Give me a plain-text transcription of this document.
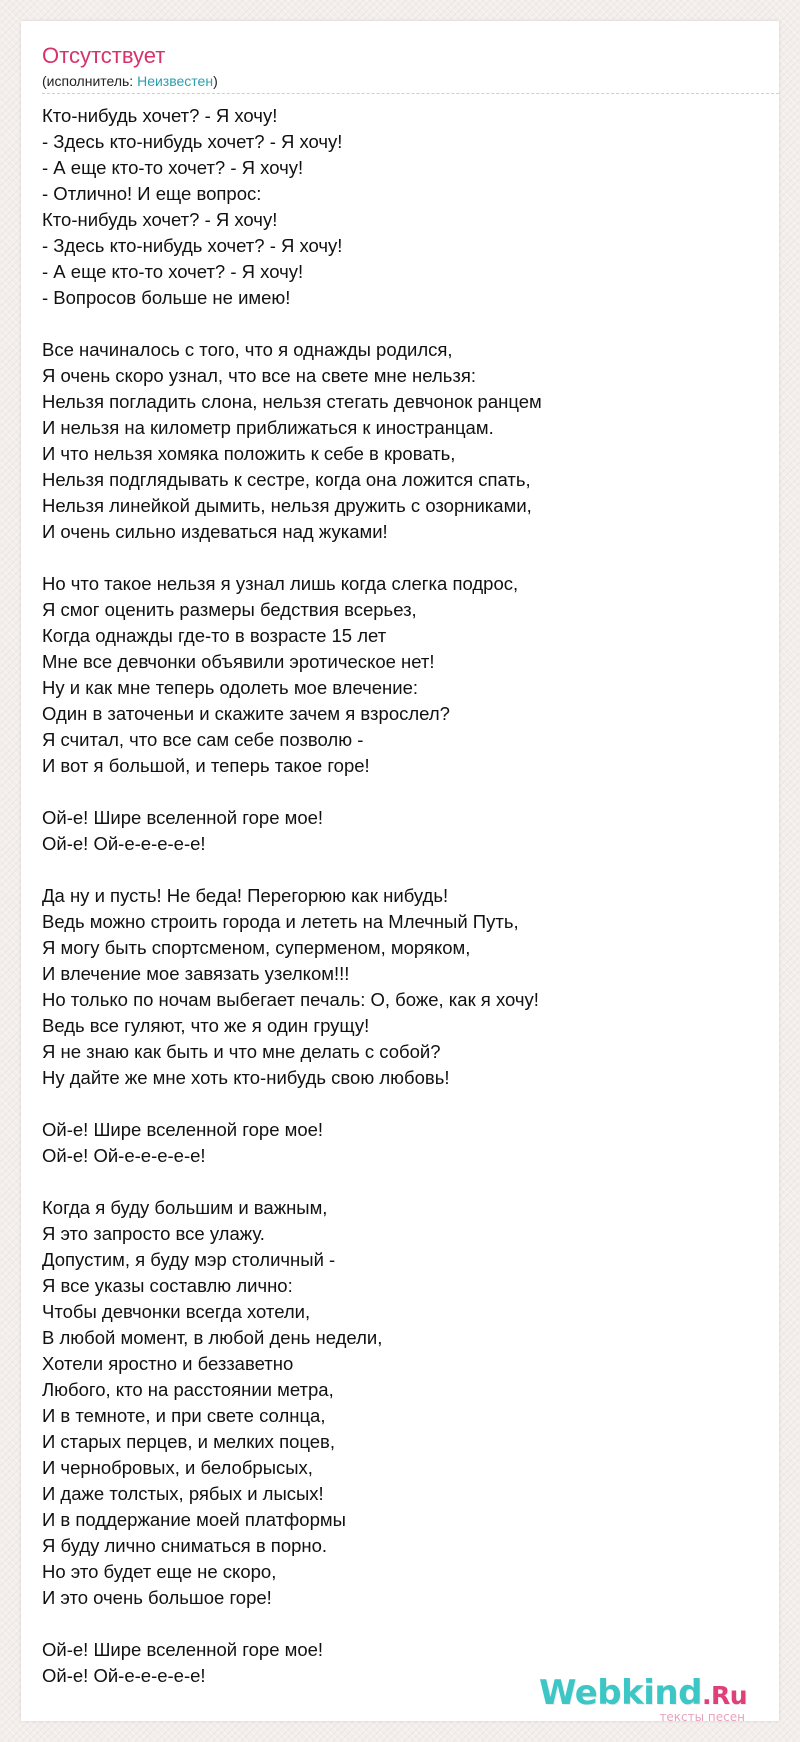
Отсутствует
(исполнитель: Неизвестен)
Кто-нибудь хочет? - Я хочу!
- Здесь кто-нибудь хочет? - Я хочу!
- А еще кто-то хочет? - Я хочу!
- Отлично! И еще вопрос:
Кто-нибудь хочет? - Я хочу!
- Здесь кто-нибудь хочет? - Я хочу!
- А еще кто-то хочет? - Я хочу!
- Вопросов больше не имею!

Все начиналось с того, что я однажды родился,
Я очень скоро узнал, что все на свете мне нельзя:
Нельзя погладить слона, нельзя стегать девчонок ранцем
И нельзя на километр приближаться к иностранцам.
И что нельзя хомяка положить к себе в кровать,
Нельзя подглядывать к сестре, когда она ложится спать,
Нельзя линейкой дымить, нельзя дружить с озорниками,
И очень сильно издеваться над жуками!

Но что такое нельзя я узнал лишь когда слегка подрос,
Я смог оценить размеры бедствия всерьез,
Когда однажды где-то в возрасте 15 лет
Мне все девчонки объявили эротическое нет!
Ну и как мне теперь одолеть мое влечение:
Один в заточеньи и скажите зачем я взрослел?
Я считал, что все сам себе позволю -
И вот я большой, и теперь такое горе!

Ой-е! Шире вселенной горе мое!
Ой-е! Ой-е-е-е-е-е!

Да ну и пусть! Не беда! Перегорюю как нибудь!
Ведь можно строить города и лететь на Млечный Путь,
Я могу быть спортсменом, суперменом, моряком,
И влечение мое завязать узелком!!!
Но только по ночам выбегает печаль: О, боже, как я хочу!
Ведь все гуляют, что же я один грущу!
Я не знаю как быть и что мне делать с собой?
Ну дайте же мне хоть кто-нибудь свою любовь!

Ой-е! Шире вселенной горе мое!
Ой-е! Ой-е-е-е-е-е!

Когда я буду большим и важным,
Я это запросто все улажу.
Допустим, я буду мэр столичный -
Я все указы составлю лично:
Чтобы девчонки всегда хотели,
В любой момент, в любой день недели,
Хотели яростно и беззаветно
Любого, кто на расстоянии метра,
И в темноте, и при свете солнца,
И старых перцев, и мелких поцев,
И чернобровых, и белобрысых,
И даже толстых, рябых и лысых!
И в поддержание моей платформы
Я буду лично сниматься в порно.
Но это будет еще не скоро,
И это очень большое горе!

Ой-е! Шире вселенной горе мое!
Ой-е! Ой-е-е-е-е-е!	Webkind.Ru
тексты песен
